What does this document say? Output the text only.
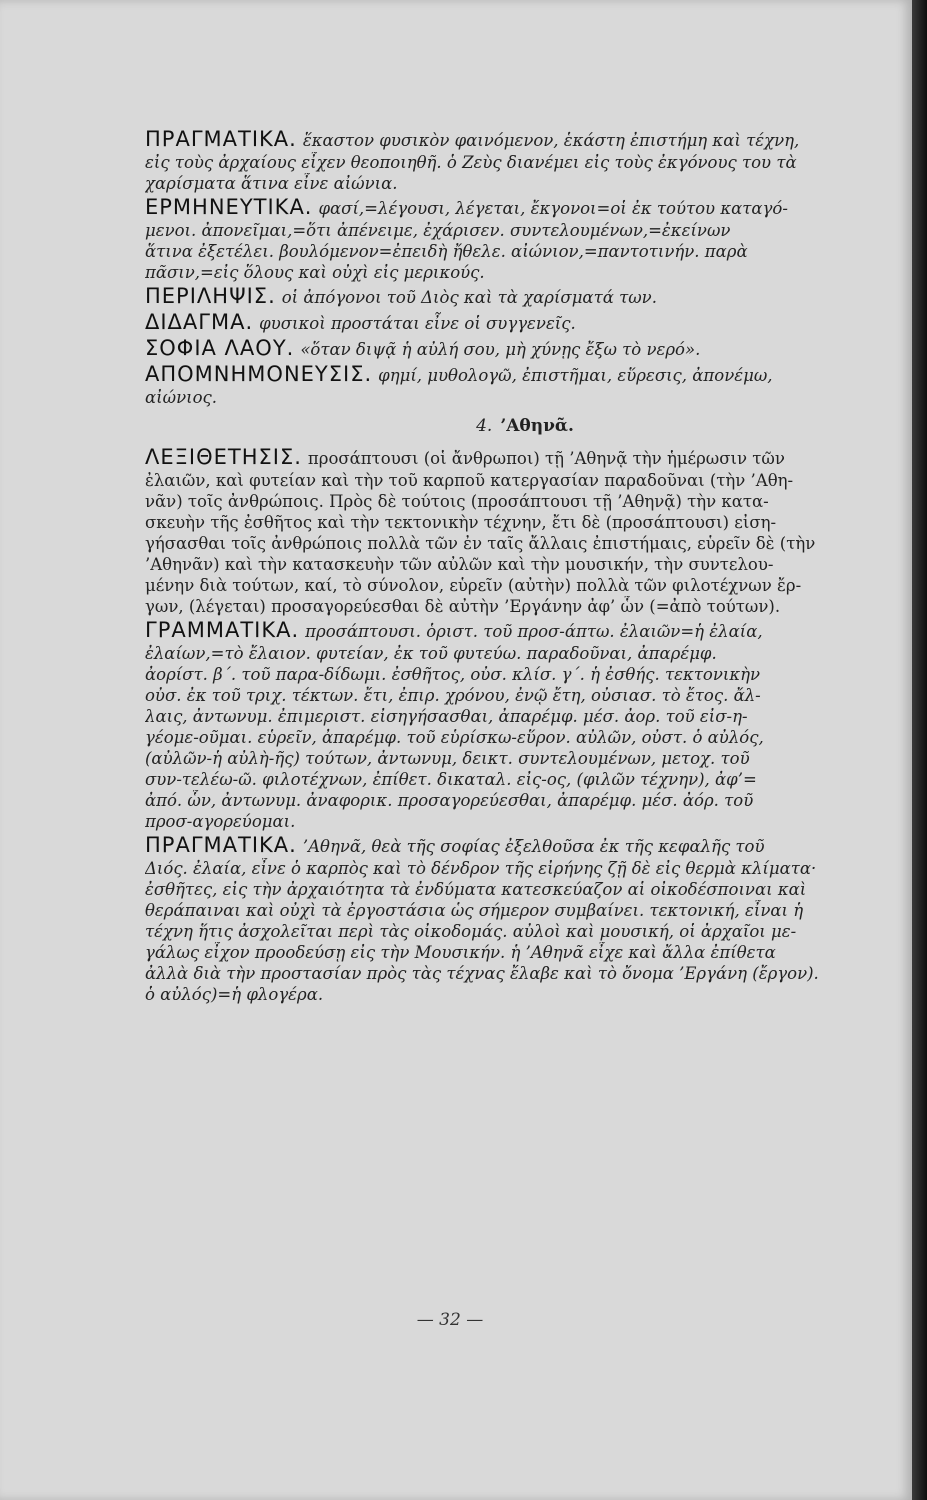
ΠΡΑΓΜΑΤΙΚΑ. ἕκαστον φυσικὸν φαινόμενον, ἑκάστη ἐπιστήμη καὶ τέχνη,
εἰς τοὺς ἀρχαίους εἶχεν θεοποιηθῆ. ὁ Ζεὺς διανέμει εἰς τοὺς ἐκγόνους του τὰ
χαρίσματα ἅτινα εἶνε αἰώνια.
ΕΡΜΗΝΕΥΤΙΚΑ. φασί,=λέγουσι, λέγεται, ἔκγονοι=οἱ ἐκ τούτου καταγό-
μενοι. ἀπονεῖμαι,=ὅτι ἀπένειμε, ἐχάρισεν. συντελουμένων,=ἐκείνων
ἅτινα ἐξετέλει. βουλόμενον=ἐπειδὴ ἤθελε. αἰώνιον,=παντοτινήν. παρὰ
πᾶσιν,=εἰς ὅλους καὶ οὐχὶ εἰς μερικούς.
ΠΕΡΙΛΗΨΙΣ. οἱ ἀπόγονοι τοῦ Διὸς καὶ τὰ χαρίσματά των.
ΔΙΔΑΓΜΑ. φυσικοὶ προστάται εἶνε οἱ συγγενεῖς.
ΣΟΦΙΑ ΛΑΟΥ. «ὅταν διψᾷ ἡ αὐλή σου, μὴ χύνῃς ἔξω τὸ νερό».
ΑΠΟΜΝΗΜΟΝΕΥΣΙΣ. φημί, μυθολογῶ, ἐπιστῆμαι, εὕρεσις, ἀπονέμω,
αἰώνιος.
4. ’Αθηνᾶ.
ΛΕΞΙΘΕΤΗΣΙΣ. προσάπτουσι (οἱ ἄνθρωποι) τῇ ’Αθηνᾷ τὴν ἡμέρωσιν τῶν
ἐλαιῶν, καὶ φυτείαν καὶ τὴν τοῦ καρποῦ κατεργασίαν παραδοῦναι (τὴν ’Αθη-
νᾶν) τοῖς ἀνθρώποις. Πρὸς δὲ τούτοις (προσάπτουσι τῇ ’Αθηνᾷ) τὴν κατα-
σκευὴν τῆς ἐσθῆτος καὶ τὴν τεκτονικὴν τέχνην, ἔτι δὲ (προσάπτουσι) εἰση-
γήσασθαι τοῖς ἀνθρώποις πολλὰ τῶν ἐν ταῖς ἄλλαις ἐπιστήμαις, εὑρεῖν δὲ (τὴν
’Αθηνᾶν) καὶ τὴν κατασκευὴν τῶν αὐλῶν καὶ τὴν μουσικήν, τὴν συντελου-
μένην διὰ τούτων, καί, τὸ σύνολον, εὑρεῖν (αὐτὴν) πολλὰ τῶν φιλοτέχνων ἔρ-
γων, (λέγεται) προσαγορεύεσθαι δὲ αὐτὴν ’Εργάνην ἀφ’ ὧν (=ἀπὸ τούτων).
ΓΡΑΜΜΑΤΙΚΑ. προσάπτουσι. ὁριστ. τοῦ προσ-άπτω. ἐλαιῶν=ἡ ἐλαία,
ἐλαίων,=τὸ ἔλαιον. φυτείαν, ἐκ τοῦ φυτεύω. παραδοῦναι, ἀπαρέμφ.
ἀορίστ. β΄. τοῦ παρα-δίδωμι. ἐσθῆτος, οὐσ. κλίσ. γ΄. ἡ ἐσθής. τεκτονικὴν
οὐσ. ἐκ τοῦ τριχ. τέκτων. ἔτι, ἐπιρ. χρόνου, ἐνῷ ἔτη, οὐσιασ. τὸ ἔτος. ἄλ-
λαις, ἀντωνυμ. ἐπιμεριστ. εἰσηγήσασθαι, ἀπαρέμφ. μέσ. ἀορ. τοῦ εἰσ-η-
γέομε-οῦμαι. εὑρεῖν, ἀπαρέμφ. τοῦ εὑρίσκω-εὕρον. αὐλῶν, οὐστ. ὁ αὐλός,
(αὐλῶν-ἡ αὐλὴ-ῆς) τούτων, ἀντωνυμ, δεικτ. συντελουμένων, μετοχ. τοῦ
συν-τελέω-ῶ. φιλοτέχνων, ἐπίθετ. δικαταλ. εἰς-ος, (φιλῶν τέχνην), ἀφ’=
ἀπό. ὧν, ἀντωνυμ. ἀναφορικ. προσαγορεύεσθαι, ἀπαρέμφ. μέσ. ἀόρ. τοῦ
προσ-αγορεύομαι.
ΠΡΑΓΜΑΤΙΚΑ. ’Αθηνᾶ, θεὰ τῆς σοφίας ἐξελθοῦσα ἐκ τῆς κεφαλῆς τοῦ
Διός. ἐλαία, εἶνε ὁ καρπὸς καὶ τὸ δένδρον τῆς εἰρήνης ζῇ δὲ εἰς θερμὰ κλίματα·
ἐσθῆτες, εἰς τὴν ἀρχαιότητα τὰ ἐνδύματα κατεσκεύαζον αἱ οἰκοδέσποιναι καὶ
θεράπαιναι καὶ οὐχὶ τὰ ἐργοστάσια ὡς σήμερον συμβαίνει. τεκτονική, εἶναι ἡ
τέχνη ἥτις ἀσχολεῖται περὶ τὰς οἰκοδομάς. αὐλοὶ καὶ μουσική, οἱ ἀρχαῖοι με-
γάλως εἶχον προοδεύσῃ εἰς τὴν Μουσικήν. ἡ ’Αθηνᾶ εἶχε καὶ ἄλλα ἐπίθετα
ἀλλὰ διὰ τὴν προστασίαν πρὸς τὰς τέχνας ἔλαβε καὶ τὸ ὄνομα ’Εργάνη (ἔργον).
ὁ αὐλός)=ἡ φλογέρα.
— 32 —
